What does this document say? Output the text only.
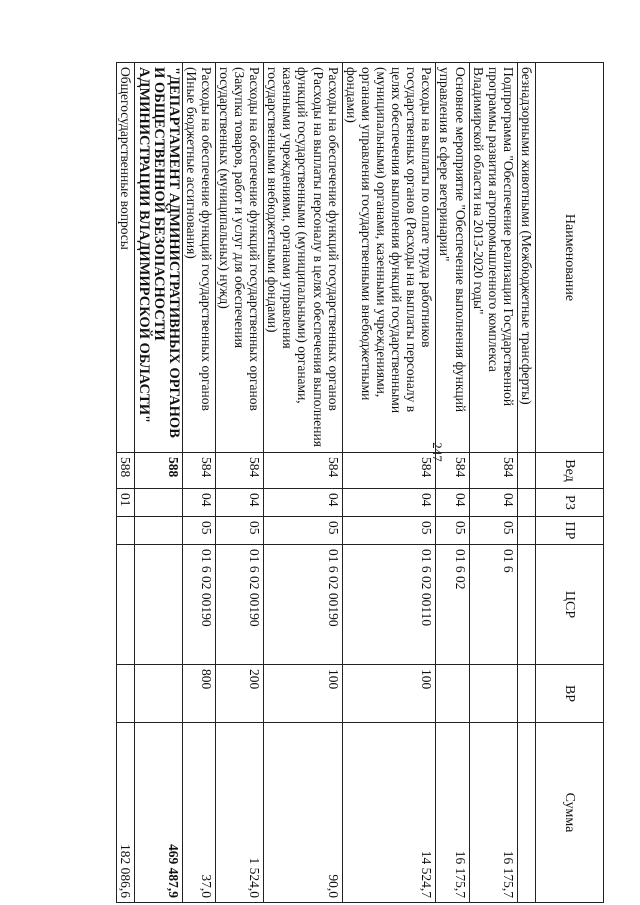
247
Наименование	Вед	РЗ	ПР	ЦСР	ВР	Сумма
безнадзорными животными (Межбюджетные трансферты)						
Подпрограмма "Обеспечение реализации Государственной программы развития агропромышленного комплекса Владимирской области на 2013-2020 годы"	584	04	05	01 6		16 175,7
Основное мероприятие "Обеспечение выполнения функций управления в сфере ветеринарии"	584	04	05	01 6 02		16 175,7
Расходы на выплаты по оплате труда работников государственных органов (Расходы на выплаты персоналу в целях обеспечения выполнения функций государственными (муниципальными) органами, казенными учреждениями, органами управления государственными внебюджетными фондами)	584	04	05	01 6 02 00110	100	14 524,7
Расходы на обеспечение функций государственных органов (Расходы на выплаты персоналу в целях обеспечения выполнения функций государственными (муниципальными) органами, казенными учреждениями, органами управления государственными внебюджетными фондами)	584	04	05	01 6 02 00190	100	90,0
Расходы на обеспечение функций государственных органов (Закупка товаров, работ и услуг для обеспечения государственных (муниципальных) нужд)	584	04	05	01 6 02 00190	200	1 524,0
Расходы на обеспечение функций государственных органов (Иные бюджетные ассигнования)	584	04	05	01 6 02 00190	800	37,0
"ДЕПАРТАМЕНТ АДМИНИСТРАТИВНЫХ ОРГАНОВ И ОБЩЕСТВЕННОЙ БЕЗОПАСНОСТИ АДМИНИСТРАЦИИ ВЛАДИМИРСКОЙ ОБЛАСТИ"	588					469 487,9
Общегосударственные вопросы	588	01				182 086,6
